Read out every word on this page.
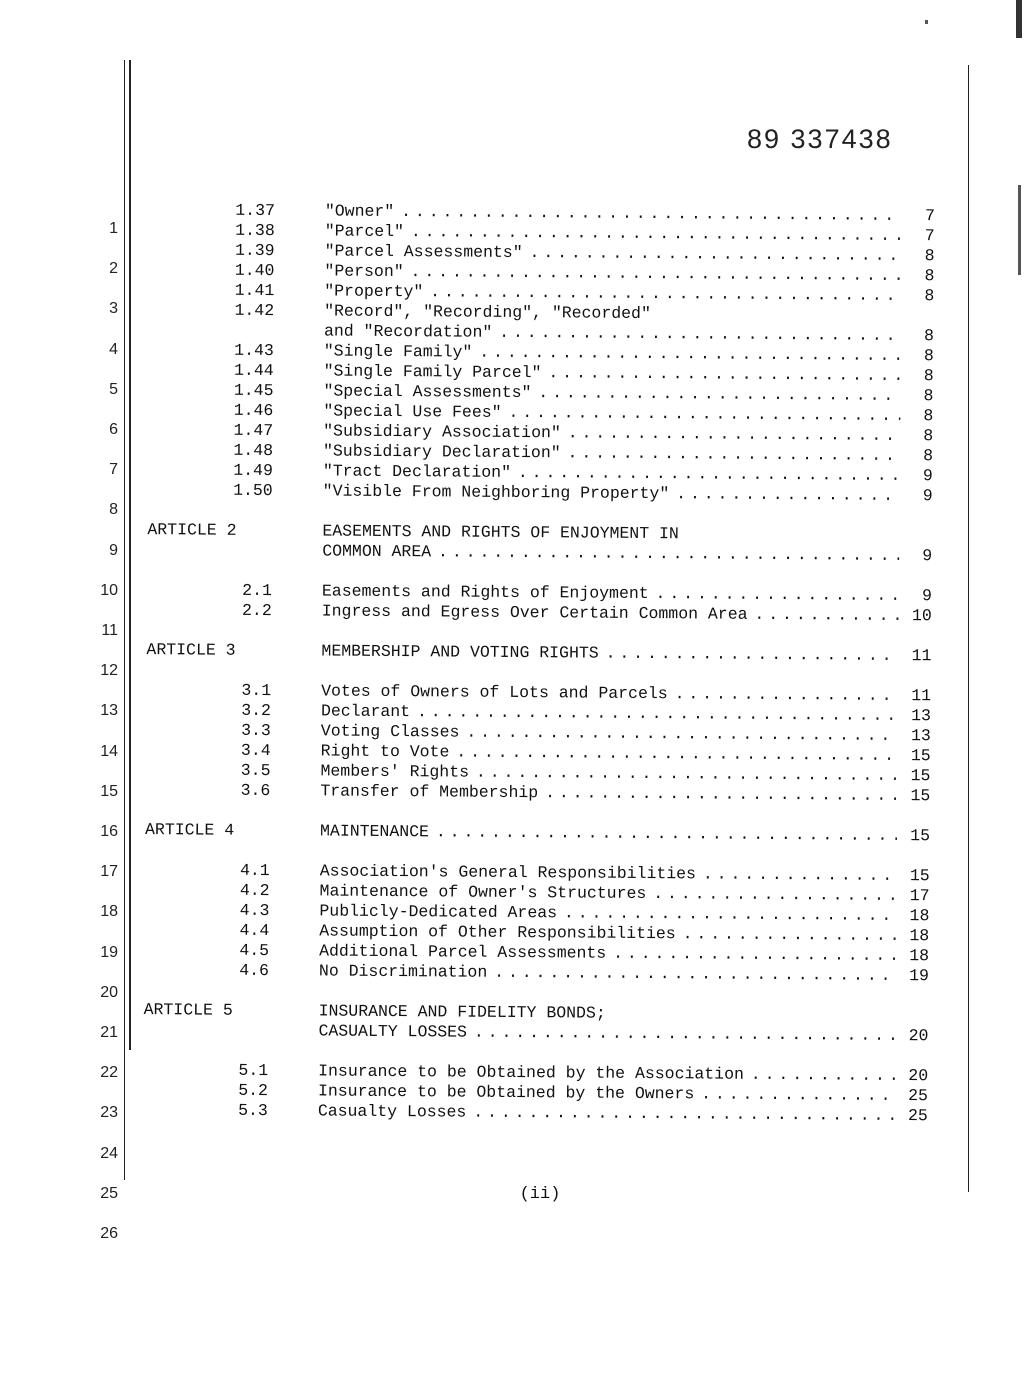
89 337438
1
2
3
4
5
6
7
8
9
10
11
12
13
14
15
16
17
18
19
20
21
22
23
24
25
26
1.37	"Owner" . . .	7
1.38	"Parcel" . . .	7
1.39	"Parcel Assessments" . . .	8
1.40	"Person" . . .	8
1.41	"Property" . . .	8
1.42	"Record", "Recording", "Recorded"
and "Recordation" . . .	8
1.43	"Single Family" . . .	8
1.44	"Single Family Parcel" . . .	8
1.45	"Special Assessments" . . .	8
1.46	"Special Use Fees" . . .	8
1.47	"Subsidiary Association" . . .	8
1.48	"Subsidiary Declaration" . . .	8
1.49	"Tract Declaration" . . .	9
1.50	"Visible From Neighboring Property" . . .	9
ARTICLE 2	EASEMENTS AND RIGHTS OF ENJOYMENT IN
COMMON AREA . . .	9
2.1	Easements and Rights of Enjoyment . . .	9
2.2	Ingress and Egress Over Certain Common Area . . .	10
ARTICLE 3	MEMBERSHIP AND VOTING RIGHTS . . .	11
3.1	Votes of Owners of Lots and Parcels . . .	11
3.2	Declarant . . .	13
3.3	Voting Classes . . .	13
3.4	Right to Vote . . .	15
3.5	Members' Rights . . .	15
3.6	Transfer of Membership . . .	15
ARTICLE 4	MAINTENANCE . . .	15
4.1	Association's General Responsibilities . . .	15
4.2	Maintenance of Owner's Structures . . .	17
4.3	Publicly-Dedicated Areas . . .	18
4.4	Assumption of Other Responsibilities . . .	18
4.5	Additional Parcel Assessments . . .	18
4.6	No Discrimination . . .	19
ARTICLE 5	INSURANCE AND FIDELITY BONDS;
CASUALTY LOSSES . . .	20
5.1	Insurance to be Obtained by the Association . . .	20
5.2	Insurance to be Obtained by the Owners . . .	25
5.3	Casualty Losses . . .	25
(ii)
